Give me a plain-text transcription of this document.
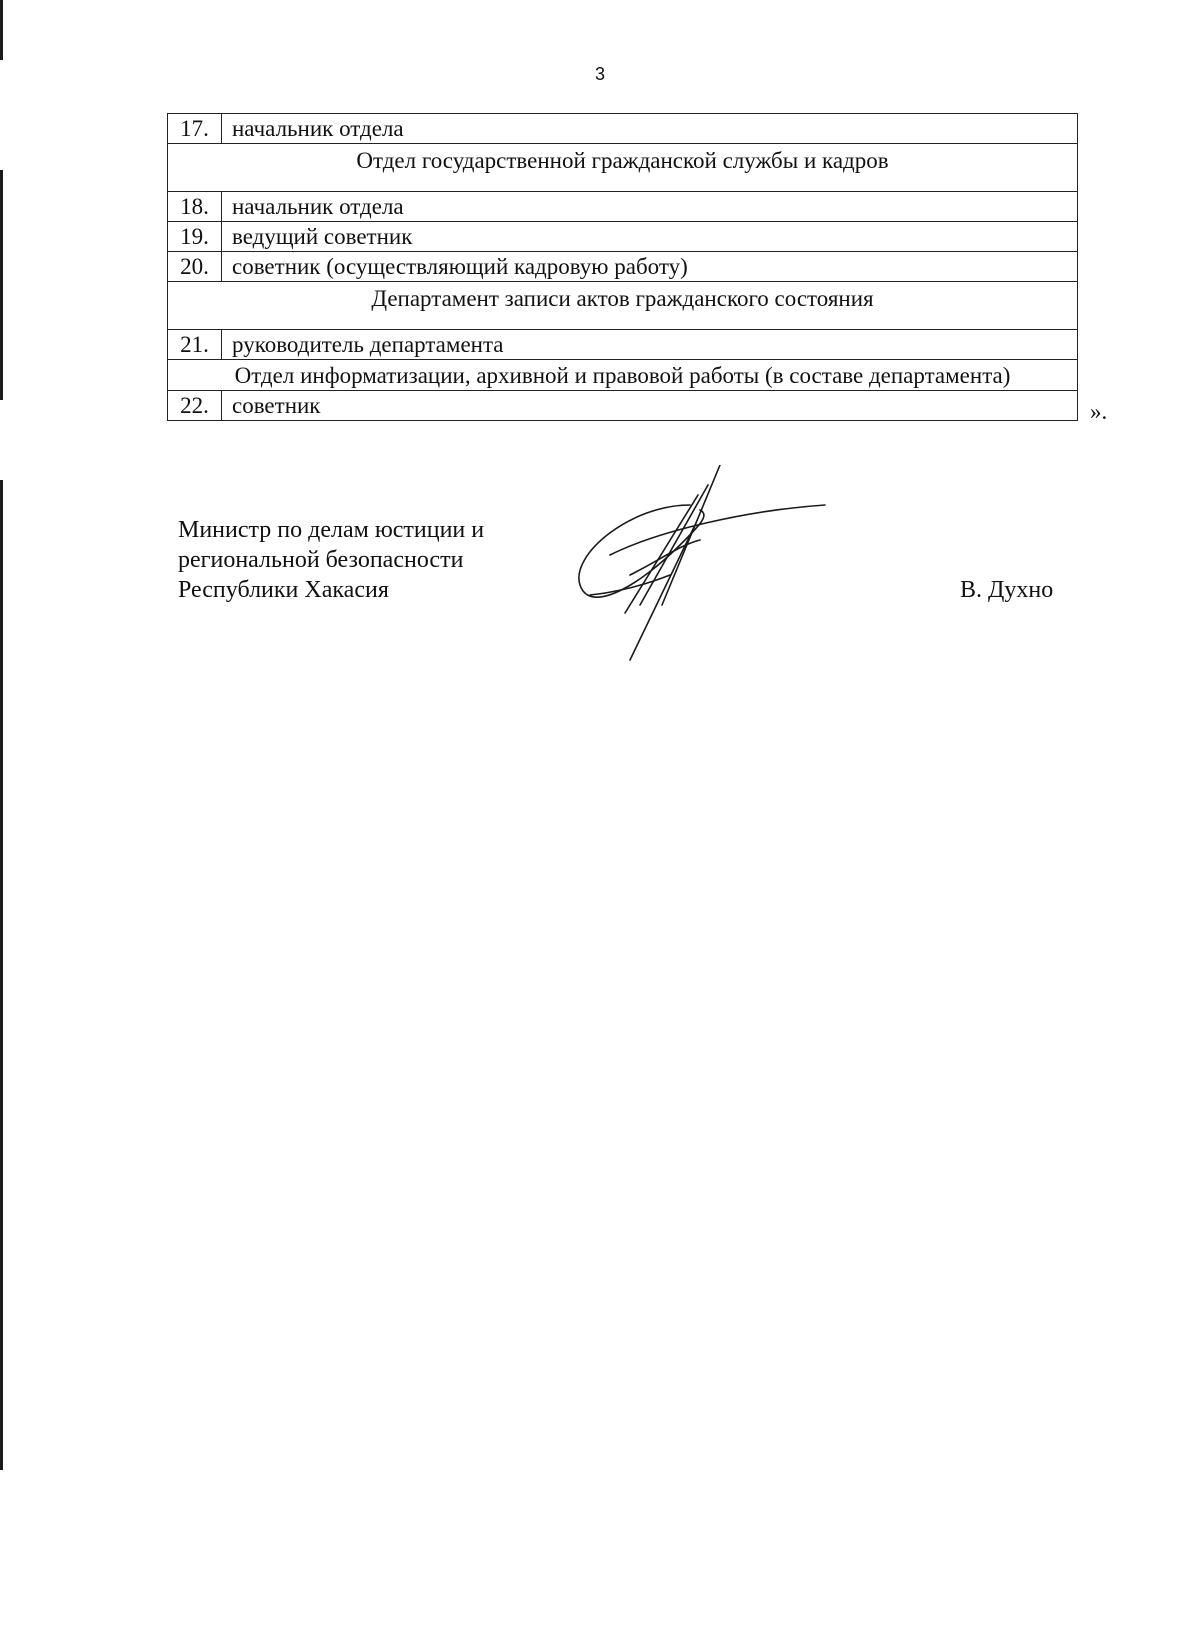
3
17.	начальник отдела
Отдел государственной гражданской службы и кадров	
18.	начальник отдела
19.	ведущий советник
20.	советник (осуществляющий кадровую работу)
Департамент записи актов гражданского состояния	
21.	руководитель департамента
Отдел информатизации, архивной и правовой работы (в составе департамента)	
22.	советник	».
Министр по делам юстиции и
региональной безопасности
Республики Хакасия	В. Духно
